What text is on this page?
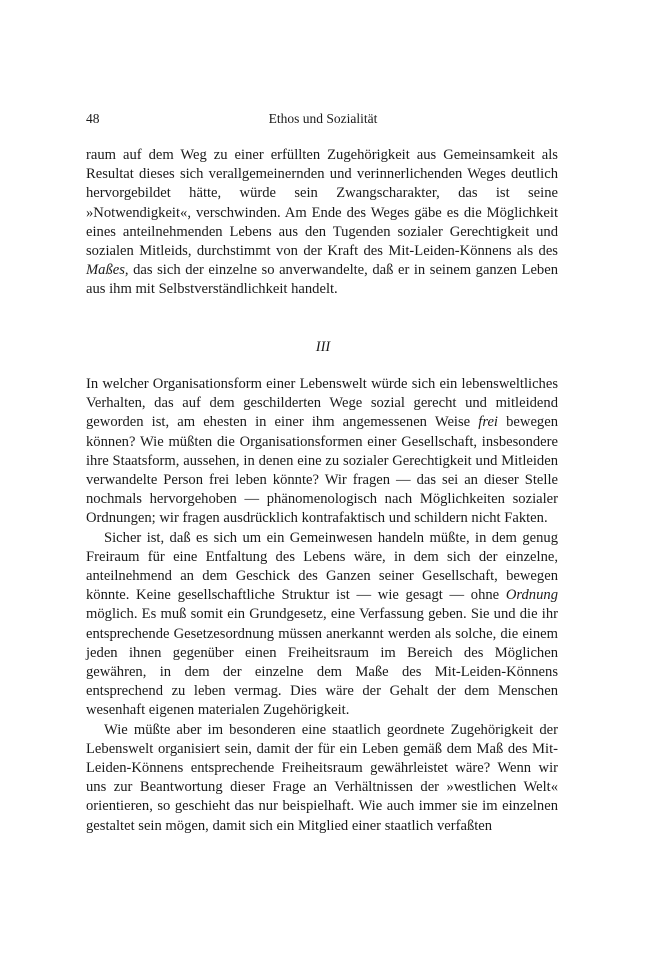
48	Ethos und Sozialität

raum auf dem Weg zu einer erfüllten Zugehörigkeit aus Gemeinsamkeit als Resultat dieses sich verallgemeinernden und verinnerlichenden Weges deutlich hervorgebildet hätte, würde sein Zwangscharakter, das ist seine »Notwendigkeit«, verschwinden. Am Ende des Weges gäbe es die Möglichkeit eines anteilnehmenden Lebens aus den Tugenden sozialer Gerechtigkeit und sozialen Mitleids, durchstimmt von der Kraft des Mit-Leiden-Könnens als des Maßes, das sich der einzelne so anverwandelte, daß er in seinem ganzen Leben aus ihm mit Selbstverständlichkeit handelt.

III

In welcher Organisationsform einer Lebenswelt würde sich ein lebensweltliches Verhalten, das auf dem geschilderten Wege sozial gerecht und mitleidend geworden ist, am ehesten in einer ihm angemessenen Weise frei bewegen können? Wie müßten die Organisationsformen einer Gesellschaft, insbesondere ihre Staatsform, aussehen, in denen eine zu sozialer Gerechtigkeit und Mitleiden verwandelte Person frei leben könnte? Wir fragen — das sei an dieser Stelle nochmals hervorgehoben — phänomenologisch nach Möglichkeiten sozialer Ordnungen; wir fragen ausdrücklich kontrafaktisch und schildern nicht Fakten.

Sicher ist, daß es sich um ein Gemeinwesen handeln müßte, in dem genug Freiraum für eine Entfaltung des Lebens wäre, in dem sich der einzelne, anteilnehmend an dem Geschick des Ganzen seiner Gesellschaft, bewegen könnte. Keine gesellschaftliche Struktur ist — wie gesagt — ohne Ordnung möglich. Es muß somit ein Grundgesetz, eine Verfassung geben. Sie und die ihr entsprechende Gesetzesordnung müssen anerkannt werden als solche, die einem jeden ihnen gegenüber einen Freiheitsraum im Bereich des Möglichen gewähren, in dem der einzelne dem Maße des Mit-Leiden-Könnens entsprechend zu leben vermag. Dies wäre der Gehalt der dem Menschen wesenhaft eigenen materialen Zugehörigkeit.

Wie müßte aber im besonderen eine staatlich geordnete Zugehörigkeit der Lebenswelt organisiert sein, damit der für ein Leben gemäß dem Maß des Mit-Leiden-Könnens entsprechende Freiheitsraum gewährleistet wäre? Wenn wir uns zur Beantwortung dieser Frage an Verhältnissen der »westlichen Welt« orientieren, so geschieht das nur beispielhaft. Wie auch immer sie im einzelnen gestaltet sein mögen, damit sich ein Mitglied einer staatlich verfaßten
